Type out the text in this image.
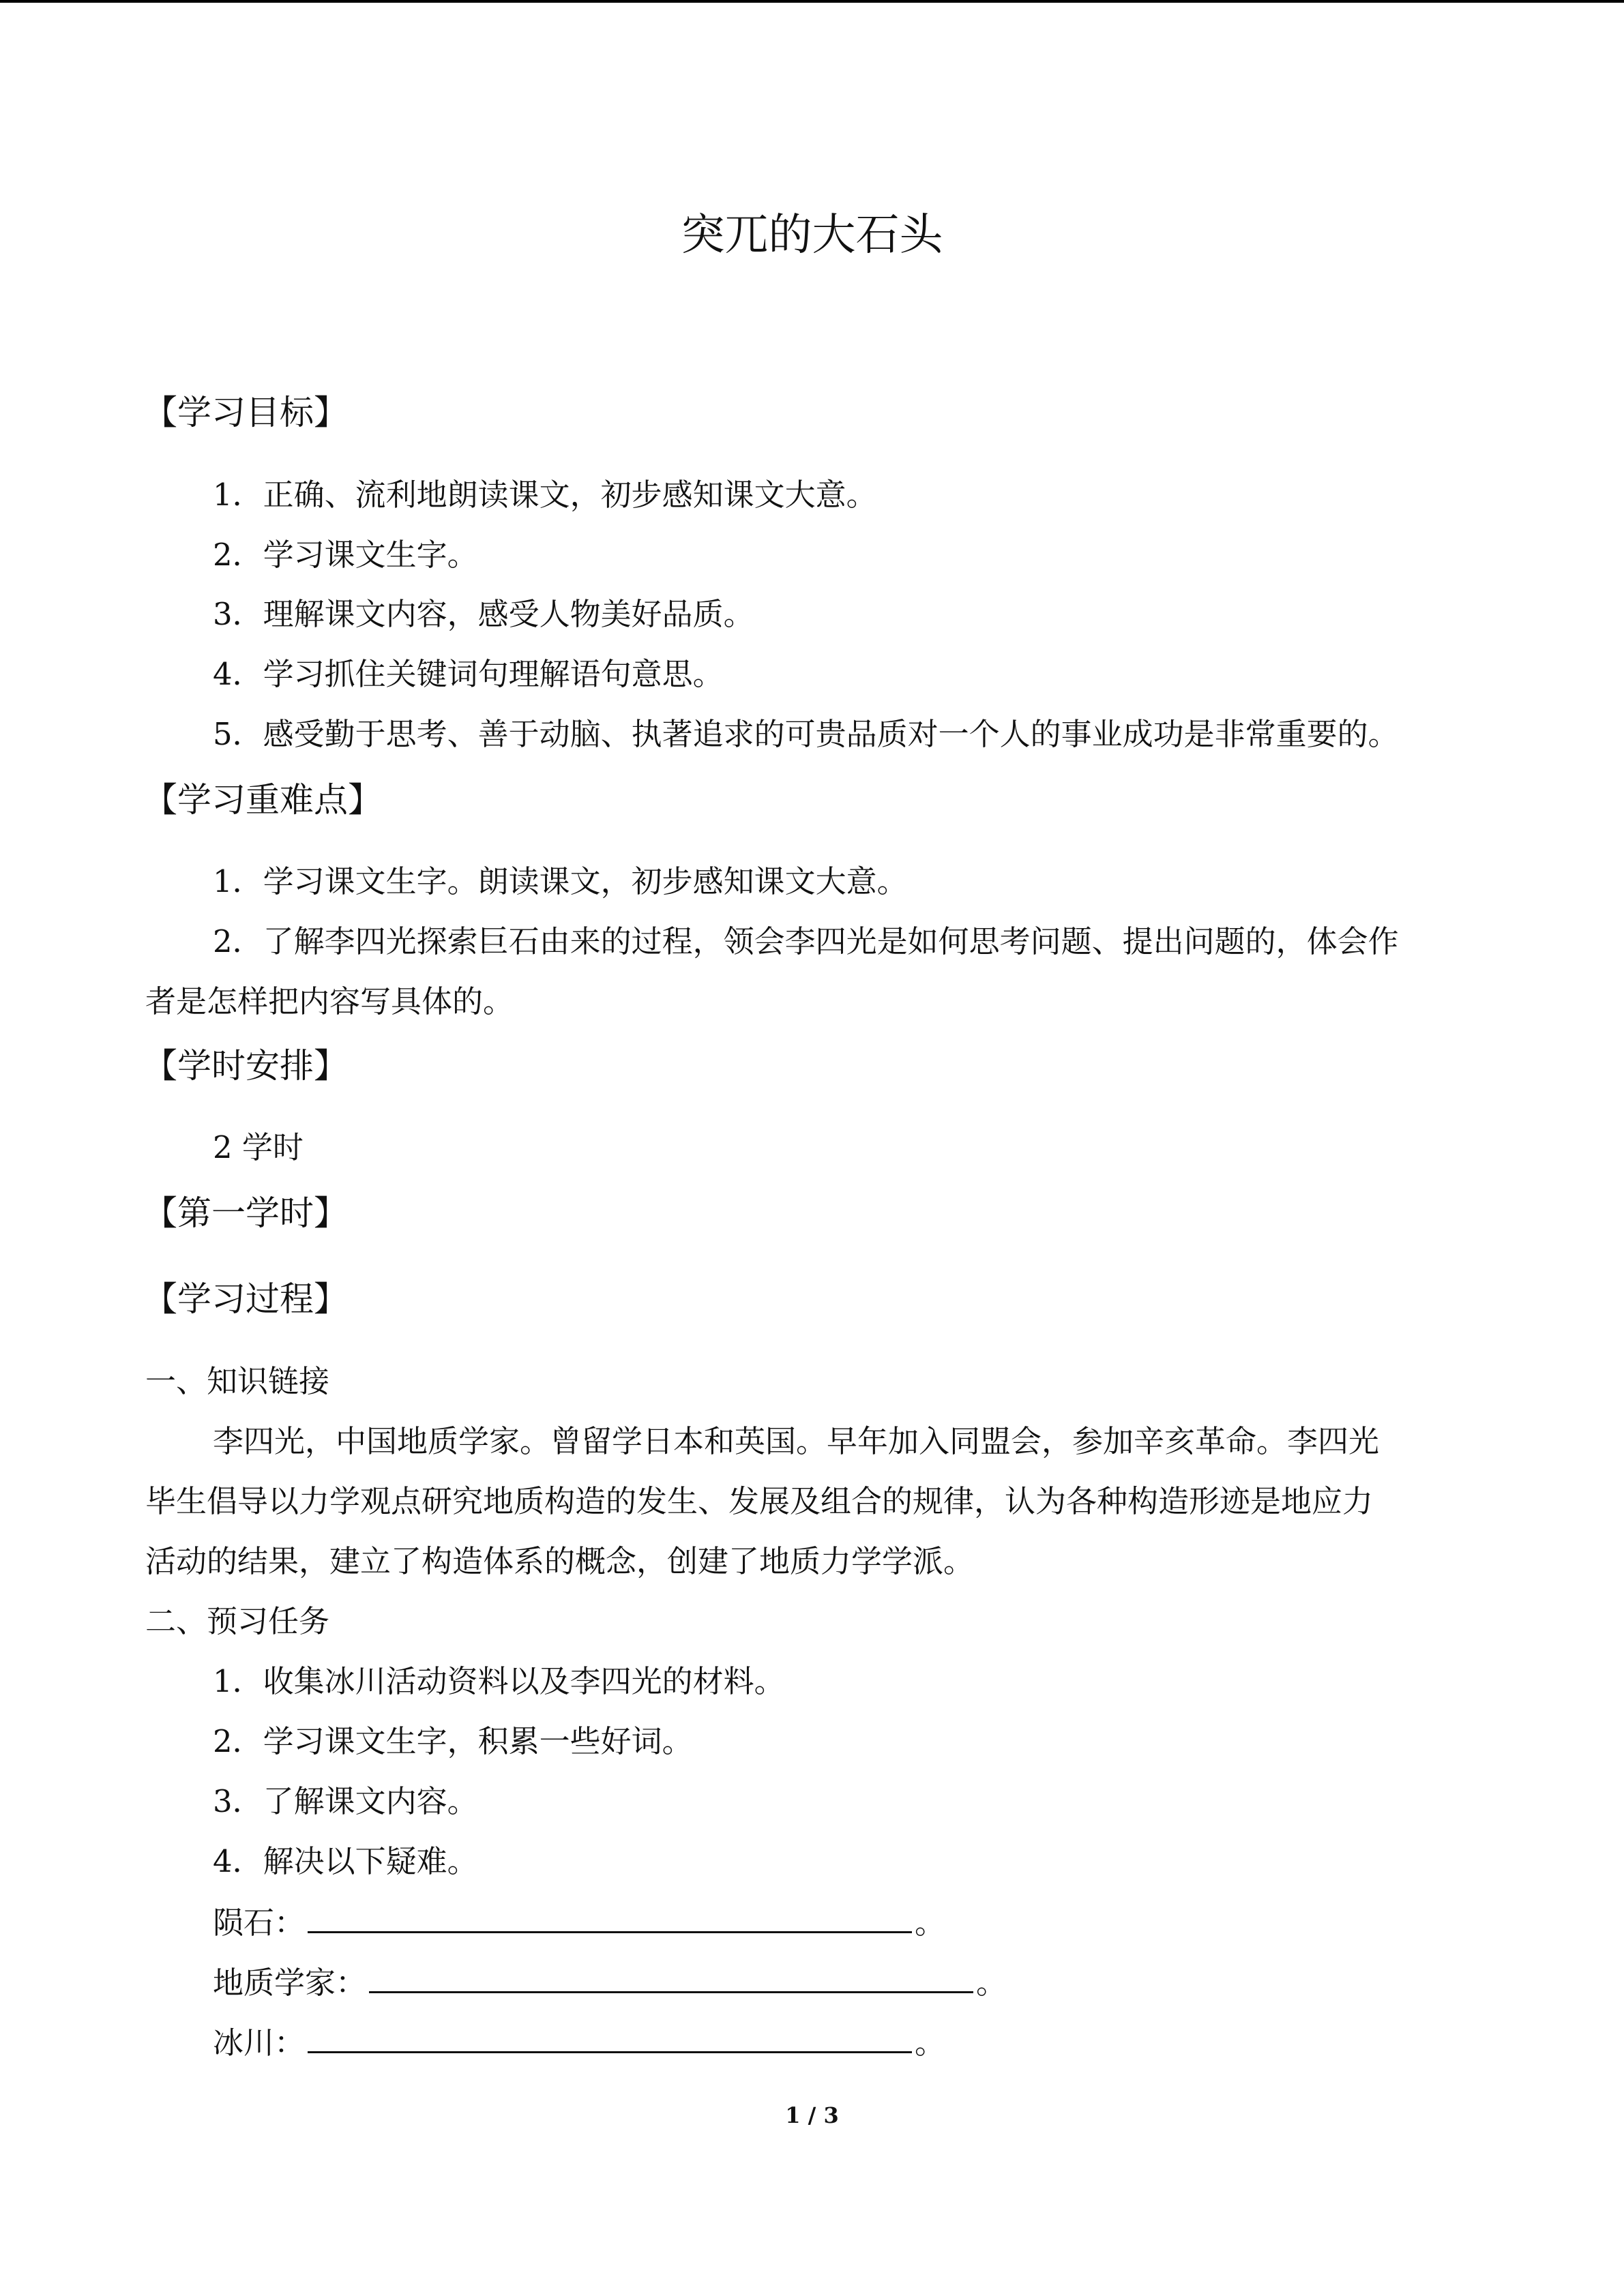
突兀的大石头
【学习目标】
1．正确、流利地朗读课文，初步感知课文大意。
2．学习课文生字。
3．理解课文内容，感受人物美好品质。
4．学习抓住关键词句理解语句意思。
5．感受勤于思考、善于动脑、执著追求的可贵品质对一个人的事业成功是非常重要的。
【学习重难点】
1．学习课文生字。朗读课文，初步感知课文大意。
2．了解李四光探索巨石由来的过程，领会李四光是如何思考问题、提出问题的，体会作
者是怎样把内容写具体的。
【学时安排】
2 学时
【第一学时】
【学习过程】
一、知识链接
李四光，中国地质学家。曾留学日本和英国。早年加入同盟会，参加辛亥革命。李四光
毕生倡导以力学观点研究地质构造的发生、发展及组合的规律，认为各种构造形迹是地应力
活动的结果，建立了构造体系的概念，创建了地质力学学派。
二、预习任务
1．收集冰川活动资料以及李四光的材料。
2．学习课文生字，积累一些好词。
3．了解课文内容。
4．解决以下疑难。
陨石：	。
地质学家：	。
冰川：	。
1 / 3
